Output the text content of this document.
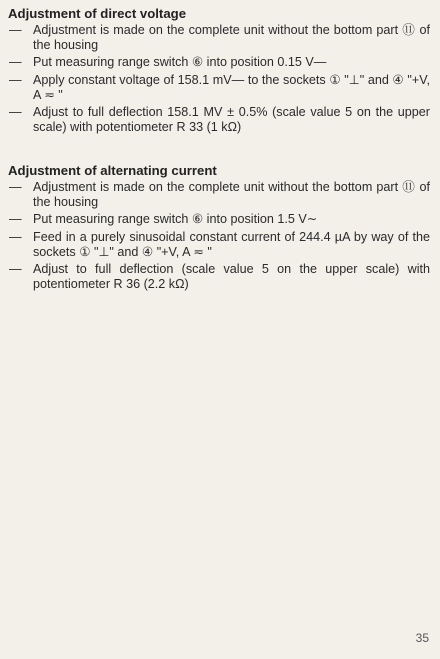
Adjustment of direct voltage
— Adjustment is made on the complete unit without the bottom part ⑪ of the housing
— Put measuring range switch ⑥ into position 0.15 V—
— Apply constant voltage of 158.1 mV— to the sockets ① "⊥" and ④ "+V, A ≂ "
— Adjust to full deflection 158.1 MV ± 0.5% (scale value 5 on the upper scale) with potentiometer R 33 (1 kΩ)
Adjustment of alternating current
— Adjustment is made on the complete unit without the bottom part ⑪ of the housing
— Put measuring range switch ⑥ into position 1.5 V∼
— Feed in a purely sinusoidal constant current of 244.4 µA by way of the sockets ① "⊥" and ④ "+V, A ≂ "
— Adjust to full deflection (scale value 5 on the upper scale) with potentiometer R 36 (2.2 kΩ)
35
